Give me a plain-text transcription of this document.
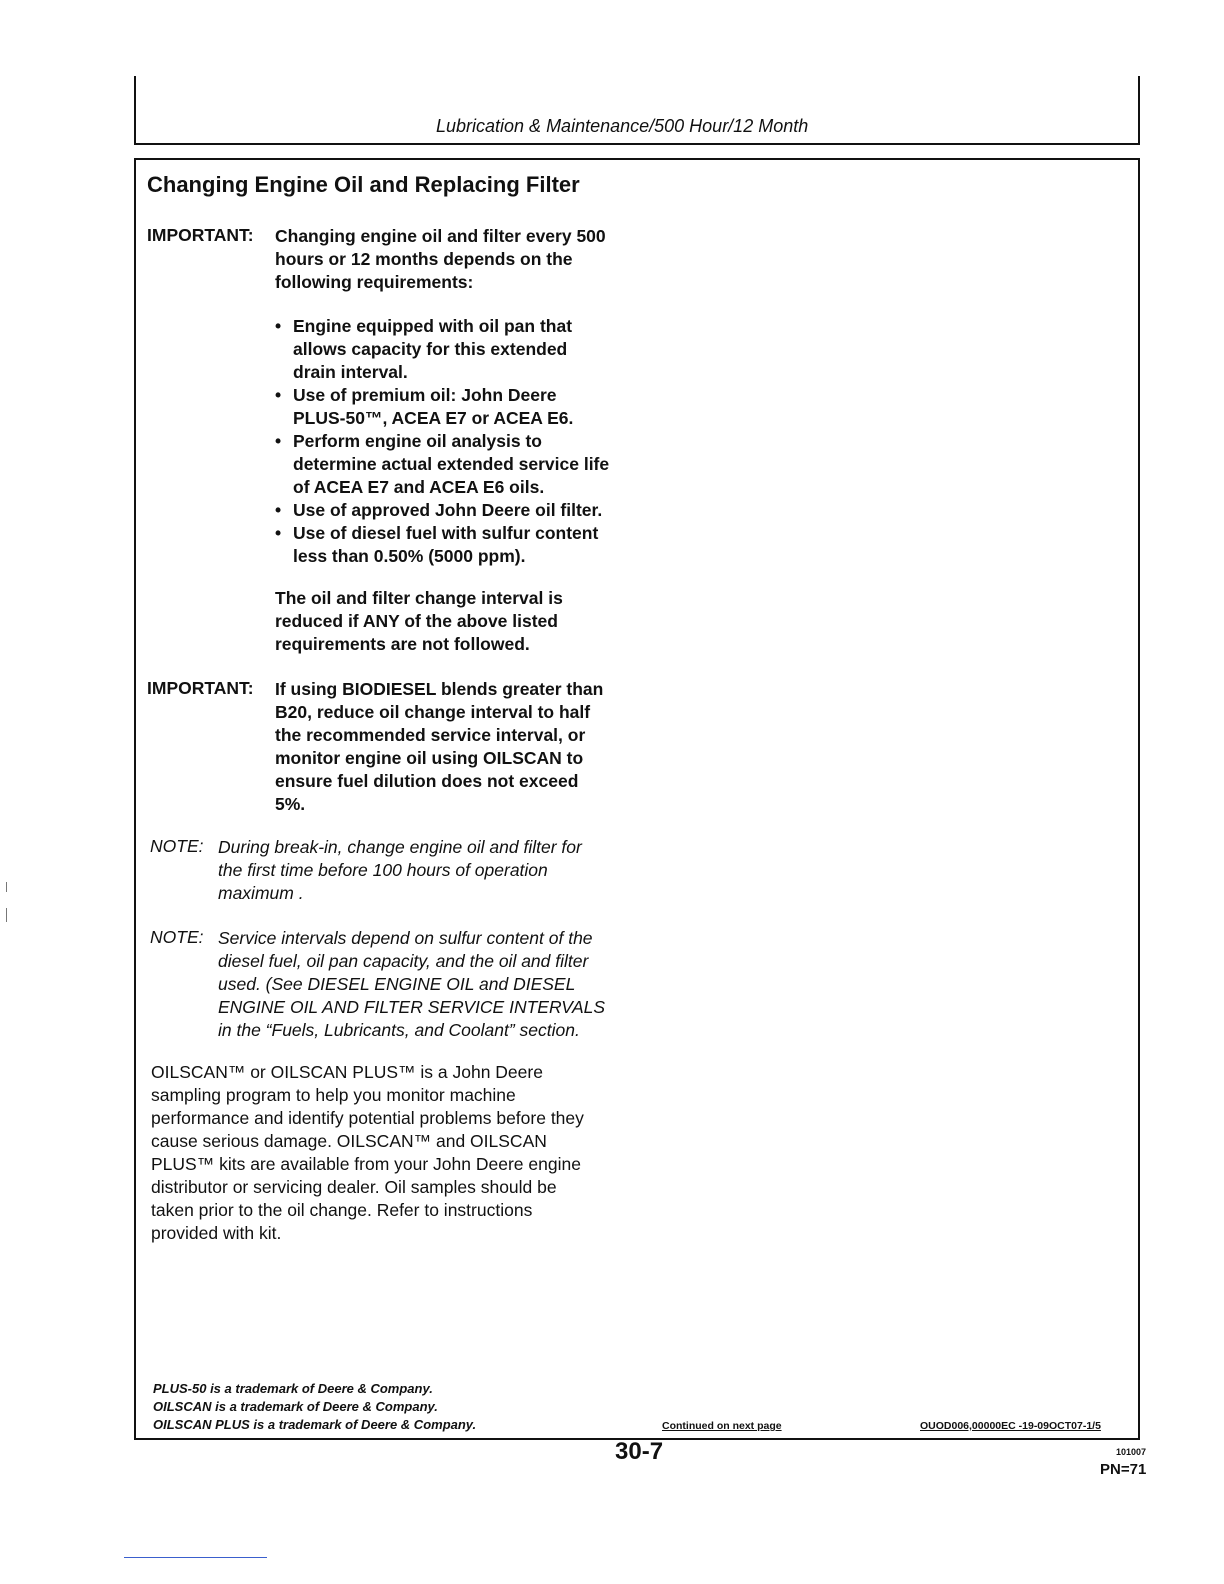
Lubrication & Maintenance/500 Hour/12 Month
Changing Engine Oil and Replacing Filter
IMPORTANT: Changing engine oil and filter every 500
hours or 12 months depends on the
following requirements:
• Engine equipped with oil pan that
allows capacity for this extended
drain interval.
• Use of premium oil: John Deere
PLUS-50™, ACEA E7 or ACEA E6.
• Perform engine oil analysis to
determine actual extended service life
of ACEA E7 and ACEA E6 oils.
• Use of approved John Deere oil filter.
• Use of diesel fuel with sulfur content
less than 0.50% (5000 ppm).
The oil and filter change interval is
reduced if ANY of the above listed
requirements are not followed.
IMPORTANT: If using BIODIESEL blends greater than
B20, reduce oil change interval to half
the recommended service interval, or
monitor engine oil using OILSCAN to
ensure fuel dilution does not exceed
5%.
NOTE: During break-in, change engine oil and filter for
the first time before 100 hours of operation
maximum .
NOTE: Service intervals depend on sulfur content of the
diesel fuel, oil pan capacity, and the oil and filter
used. (See DIESEL ENGINE OIL and DIESEL
ENGINE OIL AND FILTER SERVICE INTERVALS
in the “Fuels, Lubricants, and Coolant” section.
OILSCAN™ or OILSCAN PLUS™ is a John Deere
sampling program to help you monitor machine
performance and identify potential problems before they
cause serious damage. OILSCAN™ and OILSCAN
PLUS™ kits are available from your John Deere engine
distributor or servicing dealer. Oil samples should be
taken prior to the oil change. Refer to instructions
provided with kit.
PLUS-50 is a trademark of Deere & Company.
OILSCAN is a trademark of Deere & Company.
OILSCAN PLUS is a trademark of Deere & Company.	Continued on next page	OUOD006,00000EC -19-09OCT07-1/5
30-7	101007
PN=71
